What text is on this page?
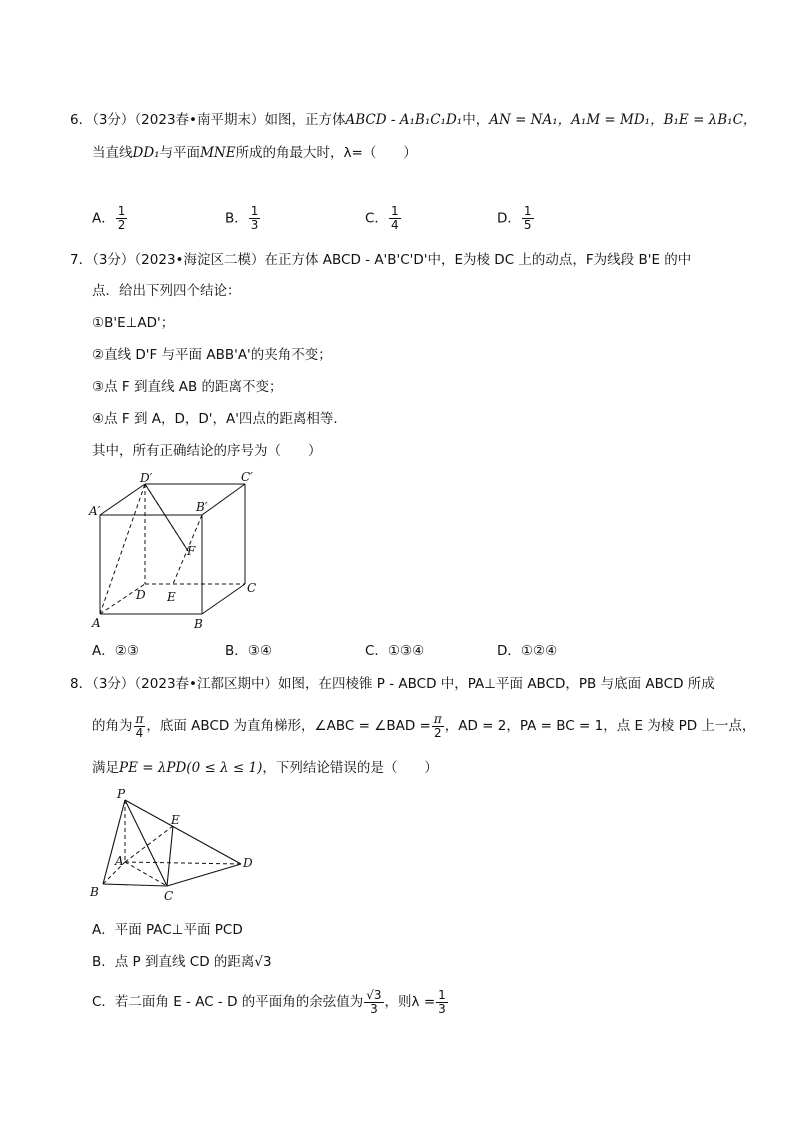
6．（3分）（2023春•南平期末）如图，正方体ABCD - A₁B₁C₁D₁中，AN = NA₁，A₁M = MD₁，B₁E = λB₁C，
当直线DD₁与平面MNE所成的角最大时，λ=（　　）
A． $\frac{1}{2}$	B． $\frac{1}{3}$	C． $\frac{1}{4}$	D． $\frac{1}{5}$
7．（3分）（2023•海淀区二模）在正方体 ABCD - A'B'C'D'中，E为棱 DC 上的动点，F为线段 B'E 的中
点．给出下列四个结论：
①B'E⊥AD'；
②直线 D'F 与平面 ABB'A'的夹角不变；
③点 F 到直线 AB 的距离不变；
④点 F 到 A，D，D'，A'四点的距离相等．
其中，所有正确结论的序号为（　　）
D′	C′
A′	B′
F
D E
C
A	B
A．②③	B．③④	C．①③④	D．①②④
8．（3分）（2023春•江都区期中）如图，在四棱锥 P - ABCD 中，PA⊥平面 ABCD，PB 与底面 ABCD 所成
的角为 $\frac{\pi}{4}$ ，底面 ABCD 为直角梯形，∠ABC = ∠BAD = $\frac{\pi}{2}$ ，AD = 2，PA = BC = 1，点 E 为棱 PD 上一点，
满足PE = λPD(0 ≤ λ ≤ 1)，下列结论错误的是（　　）
P
E
A	D
B	C
A．平面 PAC⊥平面 PCD
B．点 P 到直线 CD 的距离√3
C．若二面角 E - AC - D 的平面角的余弦值为 $\frac{√3}{3}$ ，则$\lambda = \frac{1}{3}$
